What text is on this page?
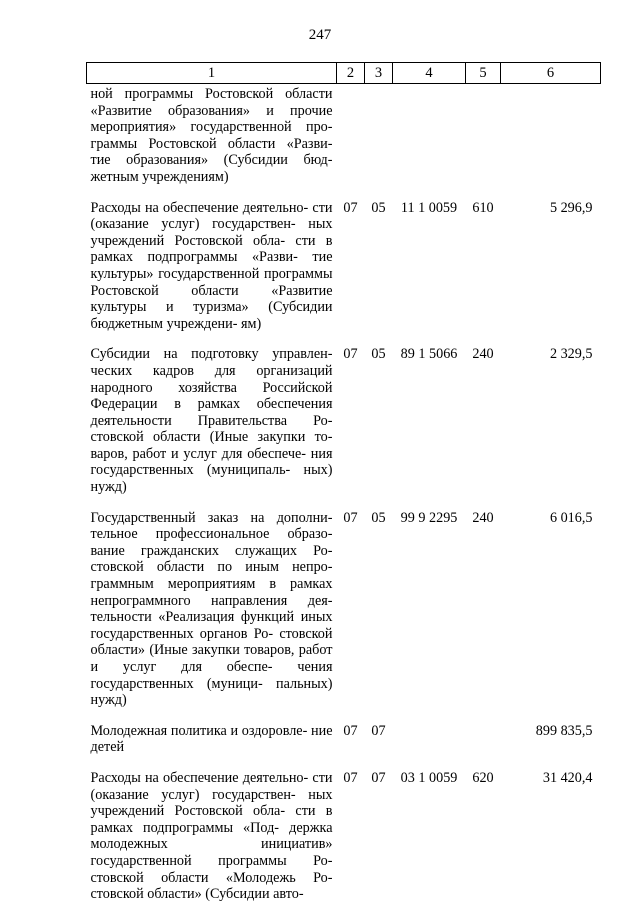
247
1	2	3	4	5	6
ной программы Ростовской области «Развитие образования» и прочие мероприятия» государственной про- граммы Ростовской области «Разви- тие образования» (Субсидии бюд- жетным учреждениям)					
Расходы на обеспечение деятельно- сти (оказание услуг) государствен- ных учреждений Ростовской обла- сти в рамках подпрограммы «Разви- тие культуры» государственной программы Ростовской области «Развитие культуры и туризма» (Субсидии бюджетным учреждени- ям)	07	05	11 1 0059	610	5 296,9
Субсидии на подготовку управлен- ческих кадров для организаций народного хозяйства Российской Федерации в рамках обеспечения деятельности Правительства Ро- стовской области (Иные закупки то- варов, работ и услуг для обеспече- ния государственных (муниципаль- ных) нужд)	07	05	89 1 5066	240	2 329,5
Государственный заказ на дополни- тельное профессиональное образо- вание гражданских служащих Ро- стовской области по иным непро- граммным мероприятиям в рамках непрограммного направления дея- тельности «Реализация функций иных государственных органов Ро- стовской области» (Иные закупки товаров, работ и услуг для обеспе- чения государственных (муници- пальных) нужд)	07	05	99 9 2295	240	6 016,5
Молодежная политика и оздоровле- ние детей	07	07			899 835,5
Расходы на обеспечение деятельно- сти (оказание услуг) государствен- ных учреждений Ростовской обла- сти в рамках подпрограммы «Под- держка молодежных инициатив» государственной программы Ро- стовской области «Молодежь Ро- стовской области» (Субсидии авто-	07	07	03 1 0059	620	31 420,4
